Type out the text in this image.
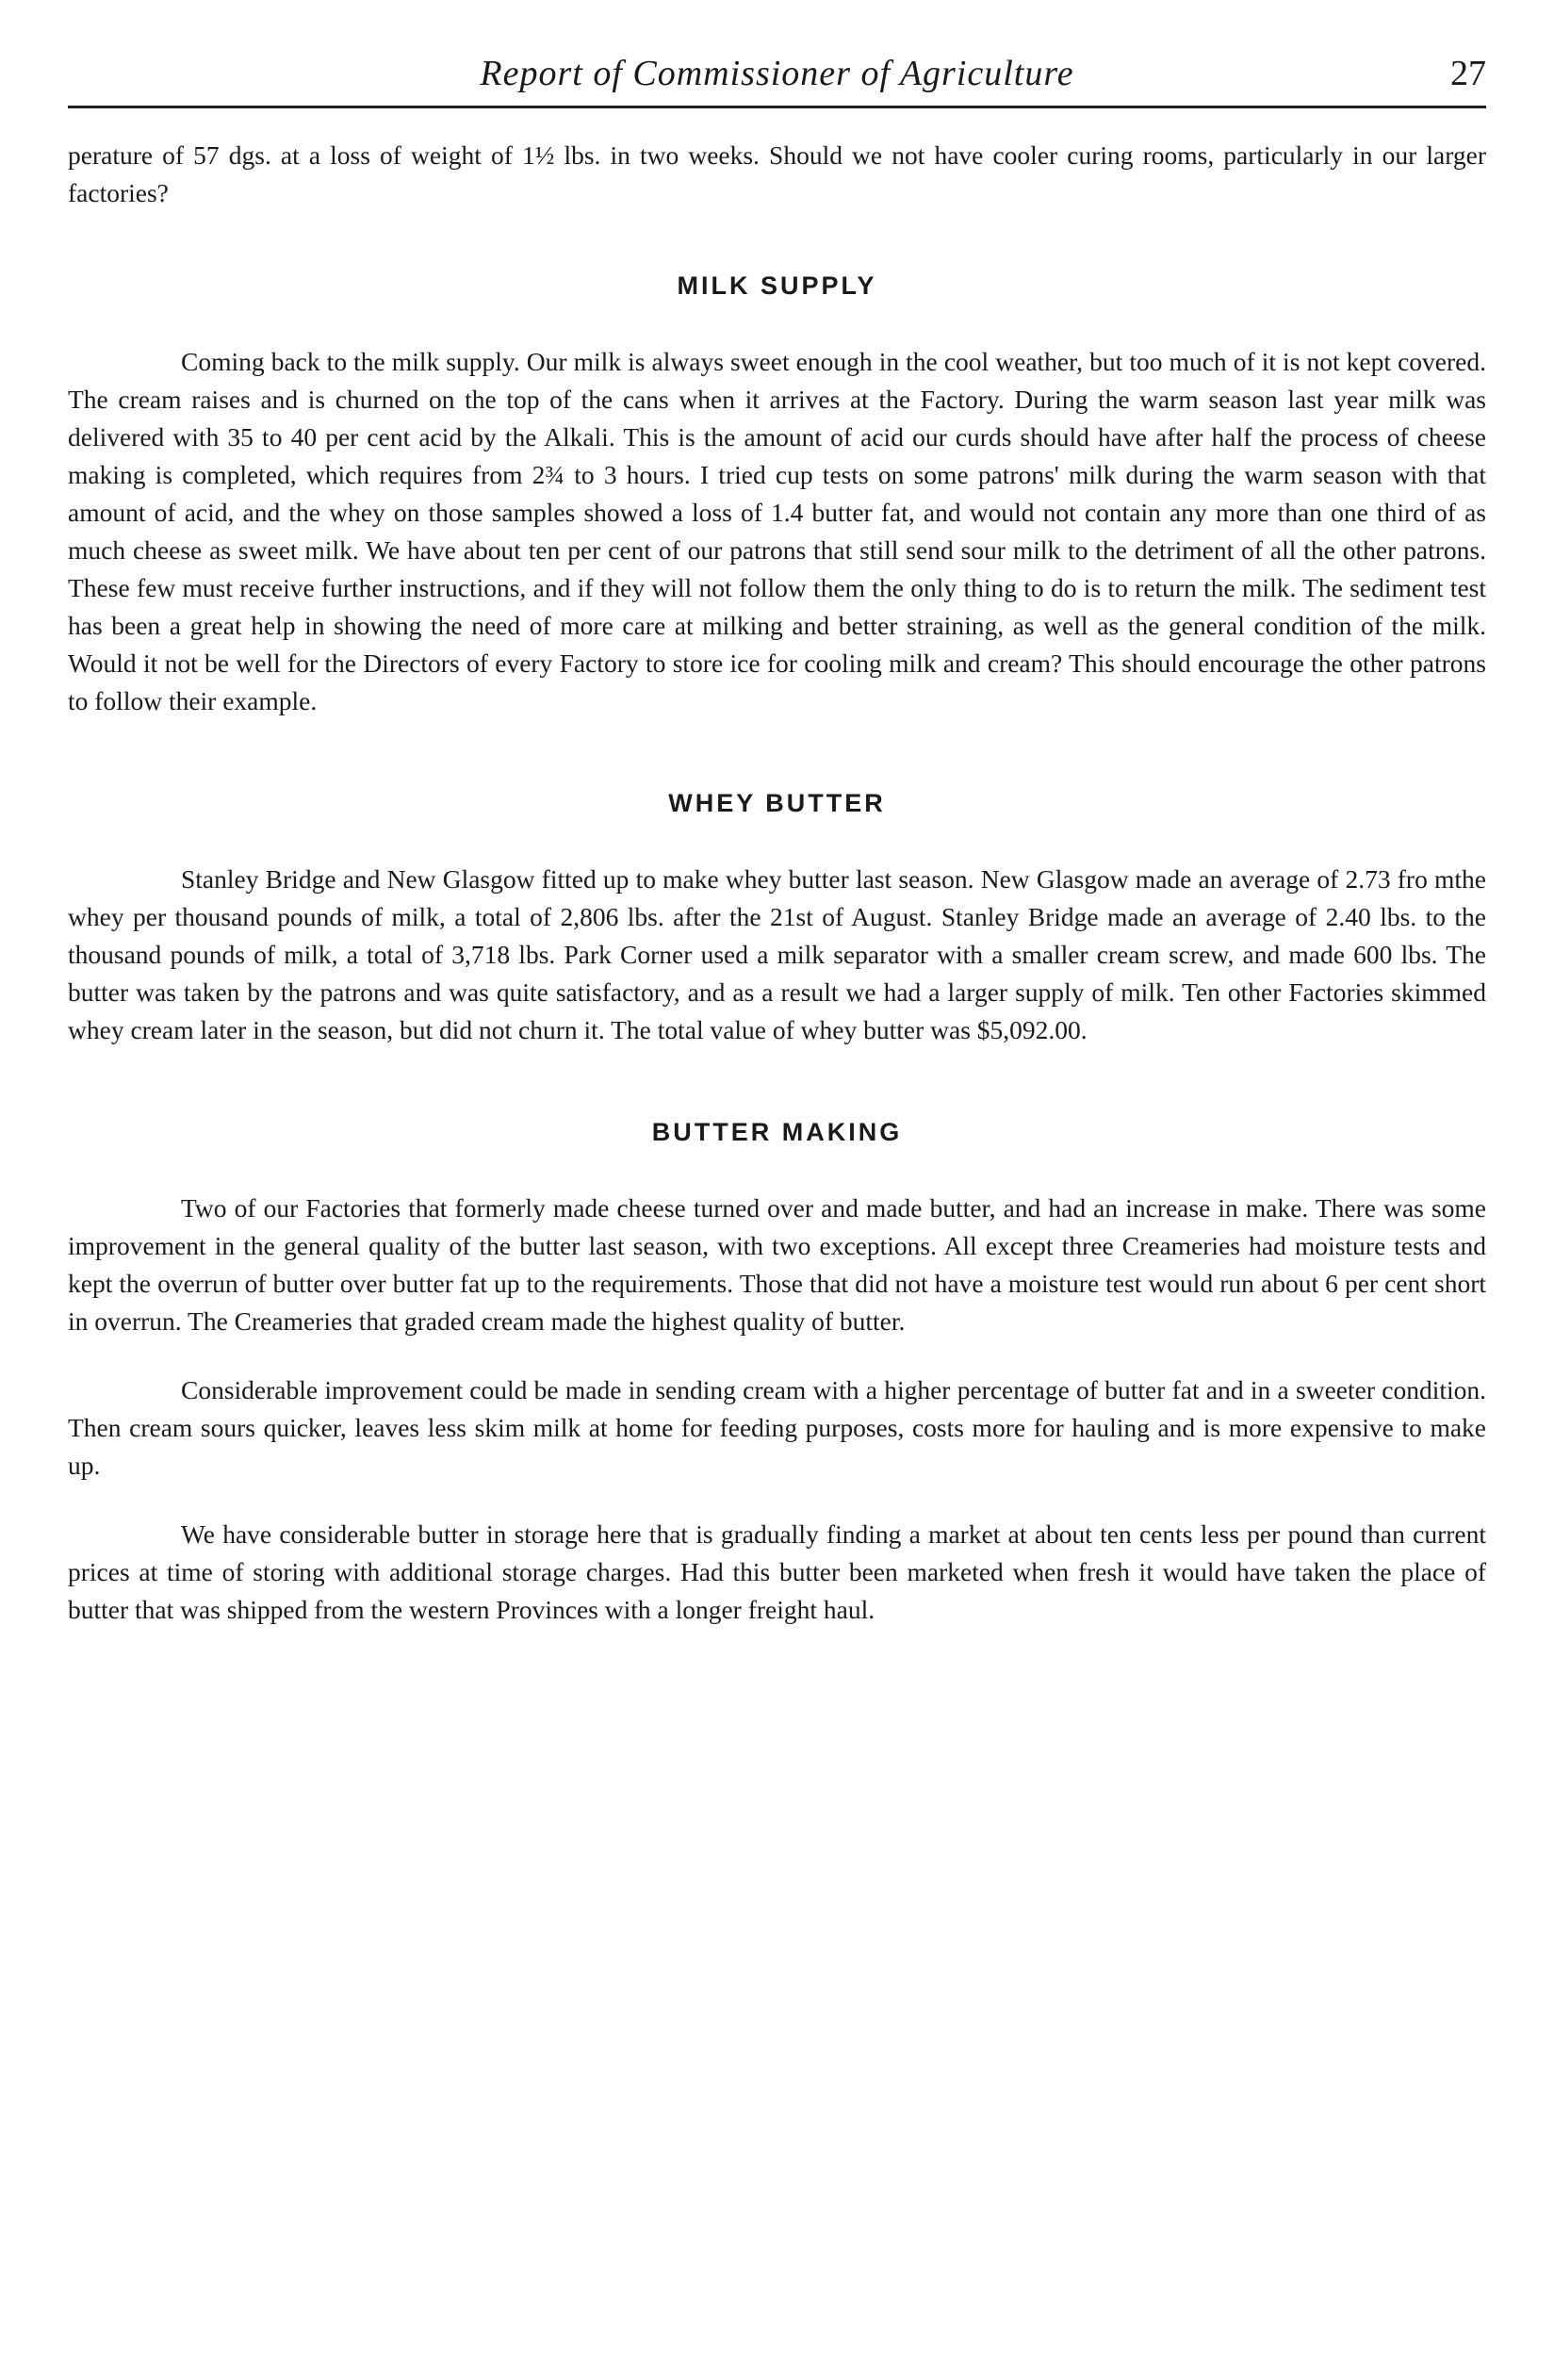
Report of Commissioner of Agriculture	27

perature of 57 dgs. at a loss of weight of 1½ lbs. in two weeks. Should we not have cooler curing rooms, particularly in our larger factories?

MILK SUPPLY

Coming back to the milk supply. Our milk is always sweet enough in the cool weather, but too much of it is not kept covered. The cream raises and is churned on the top of the cans when it arrives at the Factory. During the warm season last year milk was delivered with 35 to 40 per cent acid by the Alkali. This is the amount of acid our curds should have after half the process of cheese making is completed, which requires from 2¾ to 3 hours. I tried cup tests on some patrons' milk during the warm season with that amount of acid, and the whey on those samples showed a loss of 1.4 butter fat, and would not contain any more than one third of as much cheese as sweet milk. We have about ten per cent of our patrons that still send sour milk to the detriment of all the other patrons. These few must receive further instructions, and if they will not follow them the only thing to do is to return the milk. The sediment test has been a great help in showing the need of more care at milking and better straining, as well as the general condition of the milk. Would it not be well for the Directors of every Factory to store ice for cooling milk and cream? This should encourage the other patrons to follow their example.

WHEY BUTTER

Stanley Bridge and New Glasgow fitted up to make whey butter last season. New Glasgow made an average of 2.73 fro mthe whey per thousand pounds of milk, a total of 2,806 lbs. after the 21st of August. Stanley Bridge made an average of 2.40 lbs. to the thousand pounds of milk, a total of 3,718 lbs. Park Corner used a milk separator with a smaller cream screw, and made 600 lbs. The butter was taken by the patrons and was quite satisfactory, and as a result we had a larger supply of milk. Ten other Factories skimmed whey cream later in the season, but did not churn it. The total value of whey butter was $5,092.00.

BUTTER MAKING

Two of our Factories that formerly made cheese turned over and made butter, and had an increase in make. There was some improvement in the general quality of the butter last season, with two exceptions. All except three Creameries had moisture tests and kept the overrun of butter over butter fat up to the requirements. Those that did not have a moisture test would run about 6 per cent short in overrun. The Creameries that graded cream made the highest quality of butter.

Considerable improvement could be made in sending cream with a higher percentage of butter fat and in a sweeter condition. Then cream sours quicker, leaves less skim milk at home for feeding purposes, costs more for hauling and is more expensive to make up.

We have considerable butter in storage here that is gradually finding a market at about ten cents less per pound than current prices at time of storing with additional storage charges. Had this butter been marketed when fresh it would have taken the place of butter that was shipped from the western Provinces with a longer freight haul.
